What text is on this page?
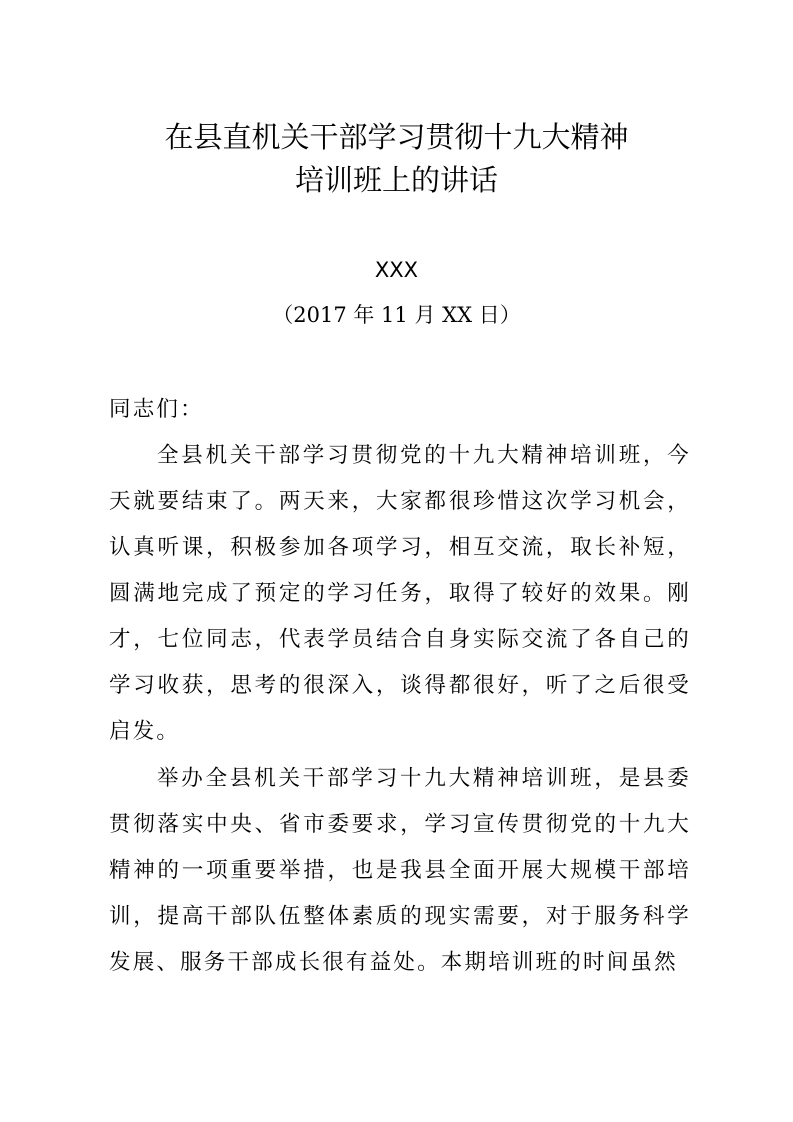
在县直机关干部学习贯彻十九大精神
培训班上的讲话
XXX
（2017 年 11 月 XX 日）
同志们：

全县机关干部学习贯彻党的十九大精神培训班，今天就要结束了。两天来，大家都很珍惜这次学习机会，认真听课，积极参加各项学习，相互交流，取长补短，圆满地完成了预定的学习任务，取得了较好的效果。刚才，七位同志，代表学员结合自身实际交流了各自己的学习收获，思考的很深入，谈得都很好，听了之后很受启发。

举办全县机关干部学习十九大精神培训班，是县委贯彻落实中央、省市委要求，学习宣传贯彻党的十九大精神的一项重要举措，也是我县全面开展大规模干部培训，提高干部队伍整体素质的现实需要，对于服务科学发展、服务干部成长很有益处。本期培训班的时间虽然
